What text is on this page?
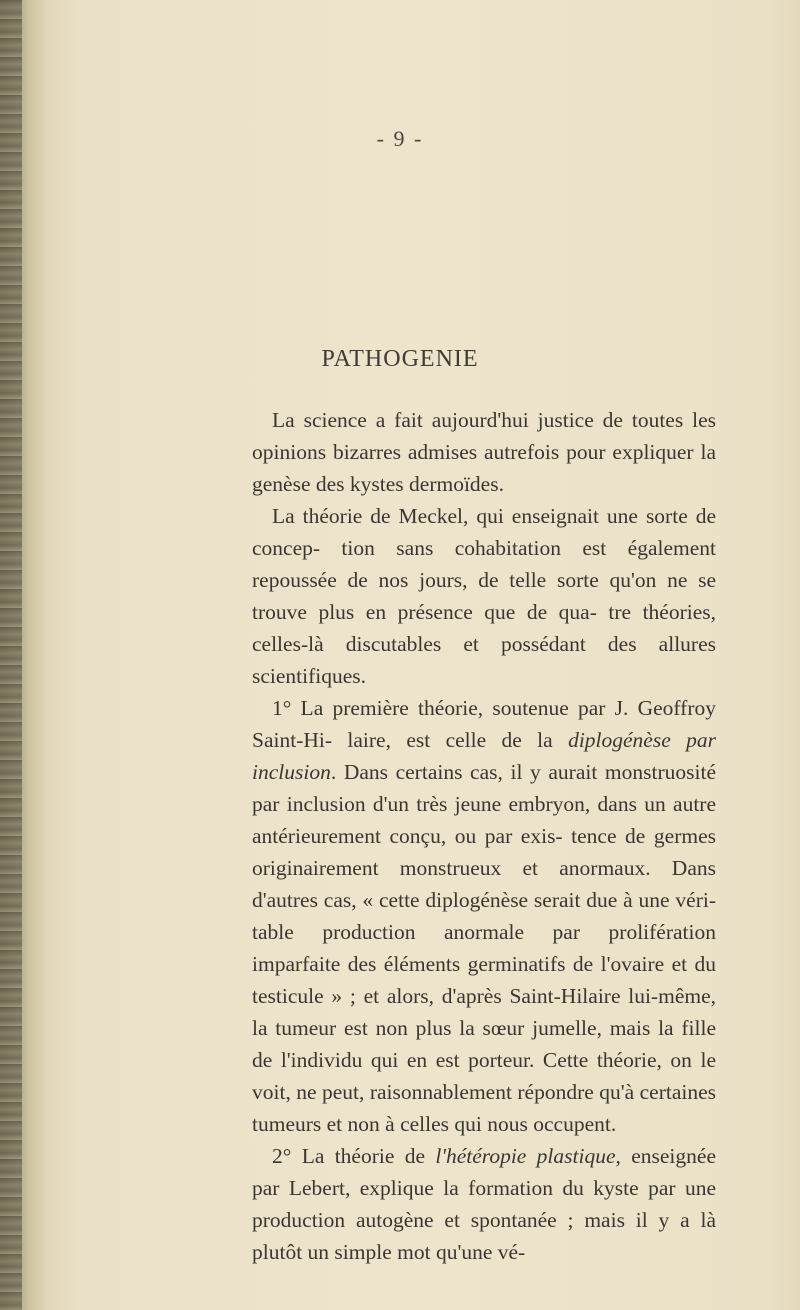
- 9 -
PATHOGENIE

La science a fait aujourd'hui justice de toutes les opinions bizarres admises autrefois pour expliquer la genèse des kystes dermoïdes.

La théorie de Meckel, qui enseignait une sorte de concep- tion sans cohabitation est également repoussée de nos jours, de telle sorte qu'on ne se trouve plus en présence que de qua- tre théories, celles-là discutables et possédant des allures scientifiques.

1° La première théorie, soutenue par J. Geoffroy Saint-Hi- laire, est celle de la diplogénèse par inclusion. Dans certains cas, il y aurait monstruosité par inclusion d'un très jeune embryon, dans un autre antérieurement conçu, ou par exis- tence de germes originairement monstrueux et anormaux. Dans d'autres cas, « cette diplogénèse serait due à une véri- table production anormale par prolifération imparfaite des éléments germinatifs de l'ovaire et du testicule » ; et alors, d'après Saint-Hilaire lui-même, la tumeur est non plus la sœur jumelle, mais la fille de l'individu qui en est porteur. Cette théorie, on le voit, ne peut, raisonnablement répondre qu'à certaines tumeurs et non à celles qui nous occupent.

2° La théorie de l'hétéropie plastique, enseignée par Lebert, explique la formation du kyste par une production autogène et spontanée ; mais il y a là plutôt un simple mot qu'une vé-
